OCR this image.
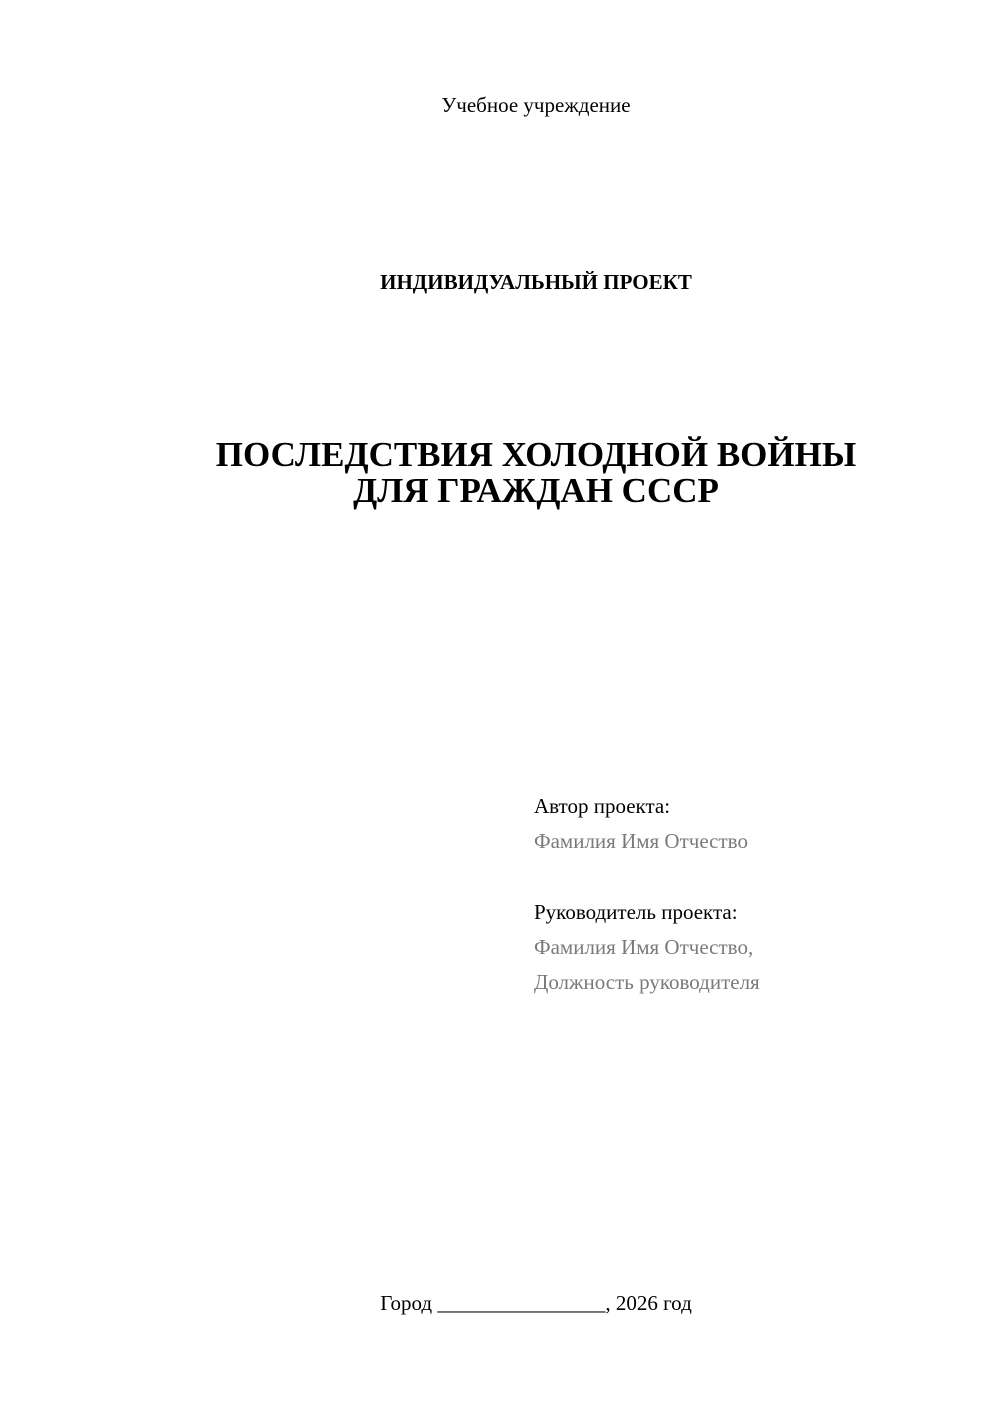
Учебное учреждение
ИНДИВИДУАЛЬНЫЙ ПРОЕКТ
ПОСЛЕДСТВИЯ ХОЛОДНОЙ ВОЙНЫ
ДЛЯ ГРАЖДАН СССР
Автор проекта:
Фамилия Имя Отчество
Руководитель проекта:
Фамилия Имя Отчество,
Должность руководителя
Город ________________, 2026 год
